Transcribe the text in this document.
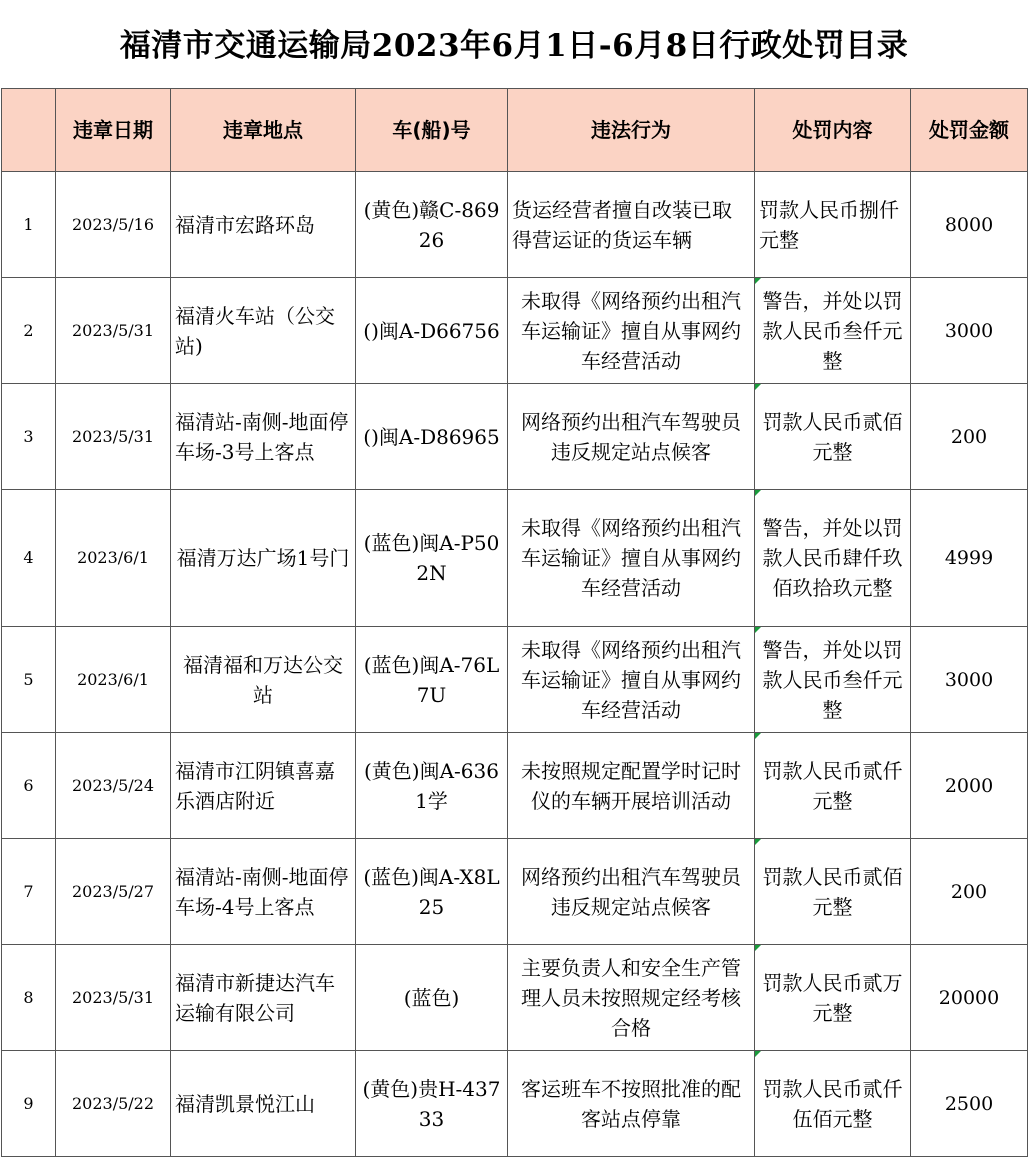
福清市交通运输局2023年6月1日-6月8日行政处罚目录
	违章日期	违章地点	车(船)号	违法行为	处罚内容	处罚金额
1	2023/5/16	福清市宏路环岛	(黄色)赣C-86926	货运经营者擅自改装已取得营运证的货运车辆	罚款人民币捌仟元整	8000
2	2023/5/31	福清火车站（公交站)	()闽A-D66756	未取得《网络预约出租汽车运输证》擅自从事网约车经营活动	警告，并处以罚款人民币叁仟元整	3000
3	2023/5/31	福清站-南侧-地面停车场-3号上客点	()闽A-D86965	网络预约出租汽车驾驶员违反规定站点候客	罚款人民币贰佰元整	200
4	2023/6/1	福清万达广场1号门	(蓝色)闽A-P502N	未取得《网络预约出租汽车运输证》擅自从事网约车经营活动	警告，并处以罚款人民币肆仟玖佰玖拾玖元整	4999
5	2023/6/1	福清福和万达公交站	(蓝色)闽A-76L7U	未取得《网络预约出租汽车运输证》擅自从事网约车经营活动	警告，并处以罚款人民币叁仟元整	3000
6	2023/5/24	福清市江阴镇喜嘉乐酒店附近	(黄色)闽A-6361学	未按照规定配置学时记时仪的车辆开展培训活动	罚款人民币贰仟元整	2000
7	2023/5/27	福清站-南侧-地面停车场-4号上客点	(蓝色)闽A-X8L25	网络预约出租汽车驾驶员违反规定站点候客	罚款人民币贰佰元整	200
8	2023/5/31	福清市新捷达汽车运输有限公司	(蓝色)	主要负责人和安全生产管理人员未按照规定经考核合格	罚款人民币贰万元整	20000
9	2023/5/22	福清凯景悦江山	(黄色)贵H-43733	客运班车不按照批准的配客站点停靠	罚款人民币贰仟伍佰元整	2500
